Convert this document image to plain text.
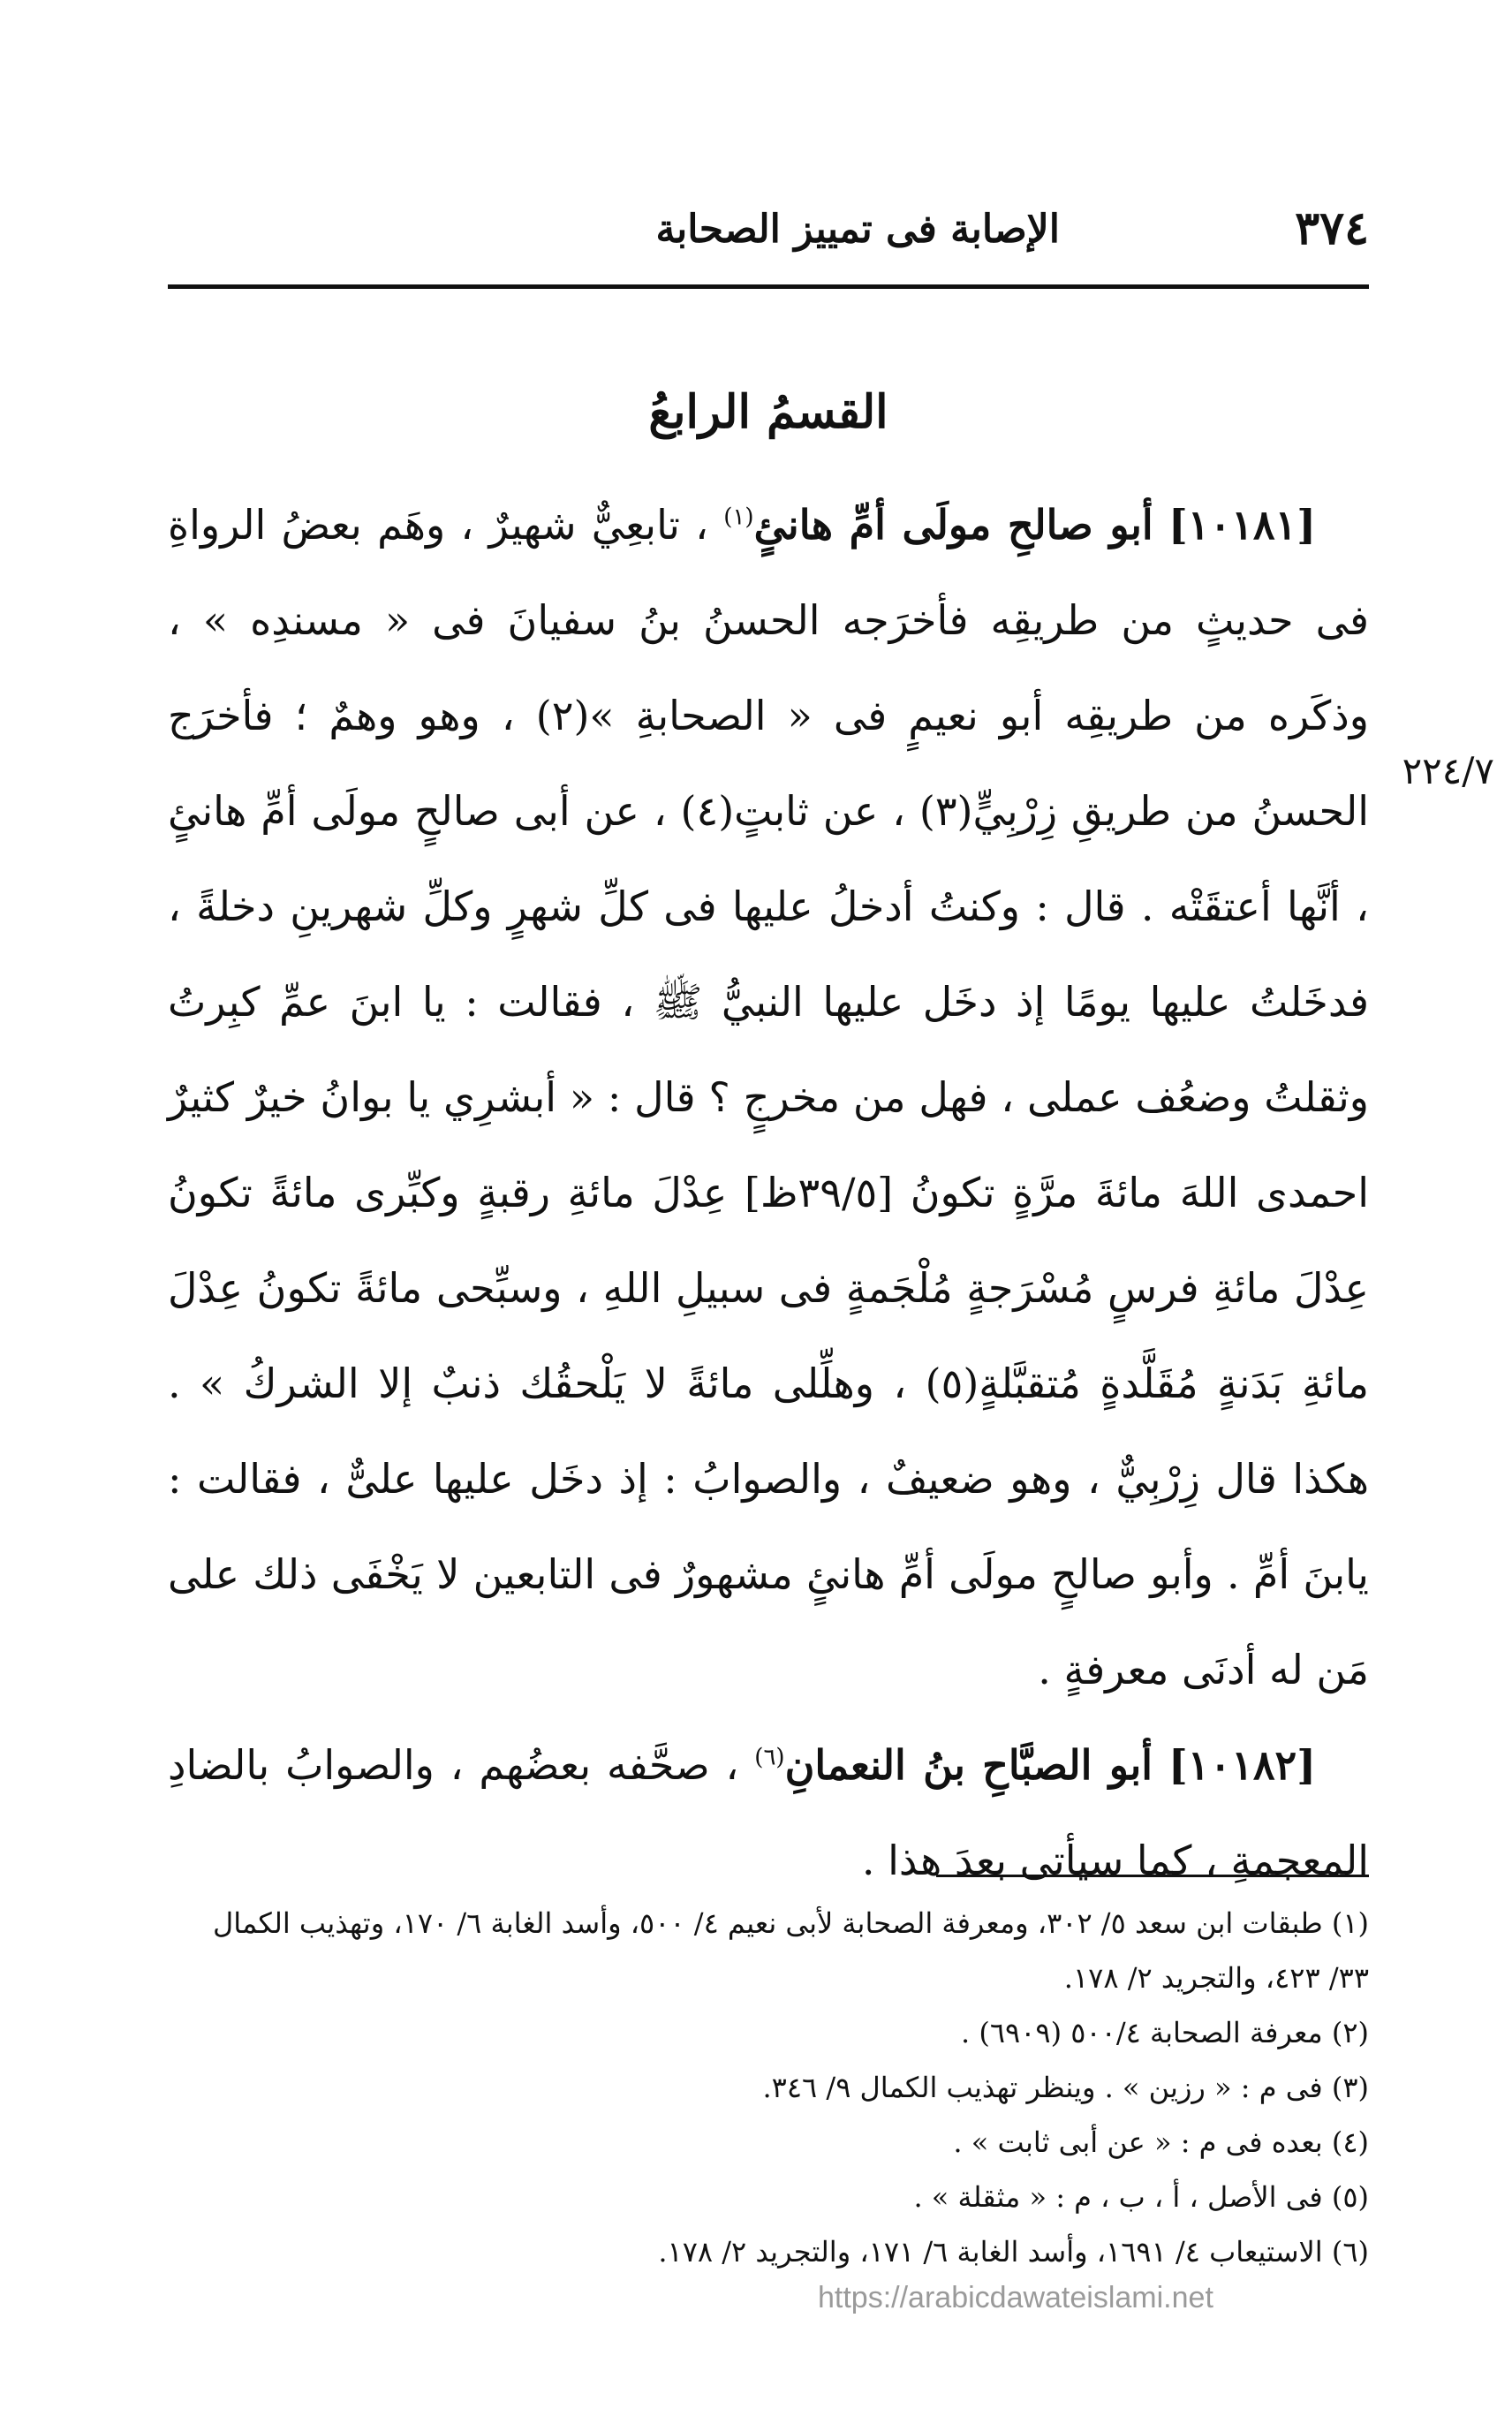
٣٧٤
الإصابة فى تمييز الصحابة
القسمُ الرابعُ
٢٢٤/٧

[١٠١٨١] أبو صالحِ مولَى أمِّ هانئٍ$^{(١)}$ ، تابعِيٌّ شهيرٌ ، وهَم بعضُ الرواةِ فى حديثٍ من طريقِه فأخرَجه الحسنُ بنُ سفيانَ فى « مسندِه » ، وذكَره من طريقِه أبو نعيمٍ فى « الصحابةِ »(٢) ، وهو وهمٌ ؛ فأخرَج الحسنُ من طريقِ زِرْبِيٍّ(٣) ، عن ثابتٍ(٤) ، عن أبى صالحٍ مولَى أمِّ هانئٍ ، أنَّها أعتقَتْه . قال : وكنتُ أدخلُ عليها فى كلِّ شهرٍ وكلِّ شهرينِ دخلةً ، فدخَلتُ عليها يومًا إذ دخَل عليها النبيُّ ﷺ ، فقالت : يا ابنَ عمِّ كبِرتُ وثقلتُ وضعُف عملى ، فهل من مخرجٍ ؟ قال : « أبشرِي يا بوانُ خيرٌ كثيرٌ احمدى اللهَ مائةَ مرَّةٍ تكونُ [٣٩/٥ظ] عِدْلَ مائةِ رقبةٍ وكبِّرى مائةً تكونُ عِدْلَ مائةِ فرسٍ مُسْرَجةٍ مُلْجَمةٍ فى سبيلِ اللهِ ، وسبِّحى مائةً تكونُ عِدْلَ مائةِ بَدَنةٍ مُقَلَّدةٍ مُتقبَّلةٍ(٥) ، وهلِّلى مائةً لا يَلْحقُك ذنبٌ إلا الشركُ » . هكذا قال زِرْبِيٌّ ، وهو ضعيفٌ ، والصوابُ : إذ دخَل عليها علىٌّ ، فقالت : يابنَ أمِّ . وأبو صالحٍ مولَى أمِّ هانئٍ مشهورٌ فى التابعين لا يَخْفَى ذلك على مَن له أدنَى معرفةٍ .

[١٠١٨٢] أبو الصبَّاحِ بنُ النعمانِ$^{(٦)}$ ، صحَّفه بعضُهم ، والصوابُ بالضادِ المعجمةِ ، كما سيأتى بعدَ هذا .

(١) طبقات ابن سعد ٥/ ٣٠٢، ومعرفة الصحابة لأبى نعيم ٤/ ٥٠٠، وأسد الغابة ٦/ ١٧٠، وتهذيب الكمال ٣٣/ ٤٢٣، والتجريد ٢/ ١٧٨.

(٢) معرفة الصحابة ٥٠٠/٤ (٦٩٠٩) .

(٣) فى م : « رزين » . وينظر تهذيب الكمال ٩/ ٣٤٦.

(٤) بعده فى م : « عن أبى ثابت » .

(٥) فى الأصل ، أ ، ب ، م : « مثقلة » .

(٦) الاستيعاب ٤/ ١٦٩١، وأسد الغابة ٦/ ١٧١، والتجريد ٢/ ١٧٨.

https://arabicdawateislami.net
